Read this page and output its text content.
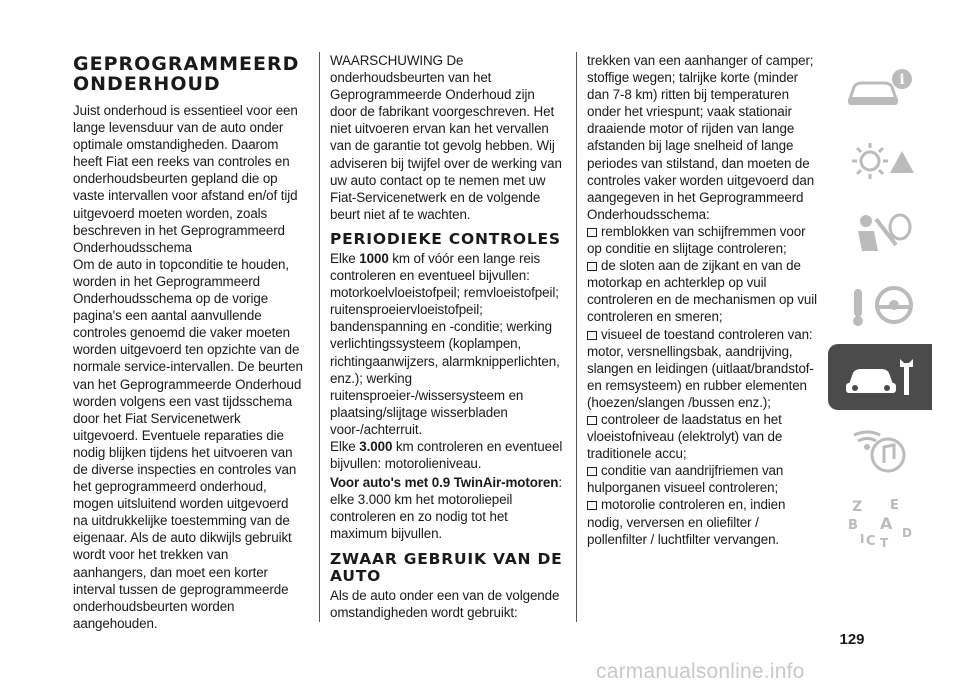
GEPROGRAMMEERD ONDERHOUD

Juist onderhoud is essentieel voor een lange levensduur van de auto onder optimale omstandigheden. Daarom heeft Fiat een reeks van controles en onderhoudsbeurten gepland die op vaste intervallen voor afstand en/of tijd uitgevoerd moeten worden, zoals beschreven in het Geprogrammeerd Onderhoudsschema

Om de auto in topconditie te houden, worden in het Geprogrammeerd Onderhoudsschema op de vorige pagina's een aantal aanvullende controles genoemd die vaker moeten worden uitgevoerd ten opzichte van de normale service-intervallen. De beurten van het Geprogrammeerde Onderhoud worden volgens een vast tijdsschema door het Fiat Servicenetwerk uitgevoerd. Eventuele reparaties die nodig blijken tijdens het uitvoeren van de diverse inspecties en controles van het geprogrammeerd onderhoud, mogen uitsluitend worden uitgevoerd na uitdrukkelijke toestemming van de eigenaar. Als de auto dikwijls gebruikt wordt voor het trekken van aanhangers, dan moet een korter interval tussen de geprogrammeerde onderhoudsbeurten worden aangehouden.

WAARSCHUWING De onderhoudsbeurten van het Geprogrammeerde Onderhoud zijn door de fabrikant voorgeschreven. Het niet uitvoeren ervan kan het vervallen van de garantie tot gevolg hebben. Wij adviseren bij twijfel over de werking van uw auto contact op te nemen met uw Fiat-Servicenetwerk en de volgende beurt niet af te wachten.

PERIODIEKE CONTROLES

Elke 1000 km of vóór een lange reis controleren en eventueel bijvullen: motorkoelvloeistofpeil; remvloeistofpeil; ruitensproeiervloeistofpeil; bandenspanning en -conditie; werking verlichtingssysteem (koplampen, richtingaanwijzers, alarmknipperlichten, enz.); werking ruitensproeier-/wissersysteem en plaatsing/slijtage wisserbladen voor-/achterruit.

Elke 3.000 km controleren en eventueel bijvullen: motorolieniveau.

Voor auto's met 0.9 TwinAir-motoren: elke 3.000 km het motoroliepeil controleren en zo nodig tot het maximum bijvullen.

ZWAAR GEBRUIK VAN DE AUTO

Als de auto onder een van de volgende omstandigheden wordt gebruikt:

trekken van een aanhanger of camper; stoffige wegen; talrijke korte (minder dan 7-8 km) ritten bij temperaturen onder het vriespunt; vaak stationair draaiende motor of rijden van lange afstanden bij lage snelheid of lange periodes van stilstand, dan moeten de controles vaker worden uitgevoerd dan aangegeven in het Geprogrammeerd Onderhoudsschema:

remblokken van schijfremmen voor op conditie en slijtage controleren;

de sloten aan de zijkant en van de motorkap en achterklep op vuil controleren en de mechanismen op vuil controleren en smeren;

visueel de toestand controleren van: motor, versnellingsbak, aandrijving, slangen en leidingen (uitlaat/brandstof-en remsysteem) en rubber elementen (hoezen/slangen /bussen enz.);

controleer de laadstatus en het vloeistofniveau (elektrolyt) van de traditionele accu;

conditie van aandrijfriemen van hulporganen visueel controleren;

motorolie controleren en, indien nodig, verversen en oliefilter / pollenfilter / luchtfilter vervangen.

i
Z E
B A
I C T
D
129
carmanualsonline.info
